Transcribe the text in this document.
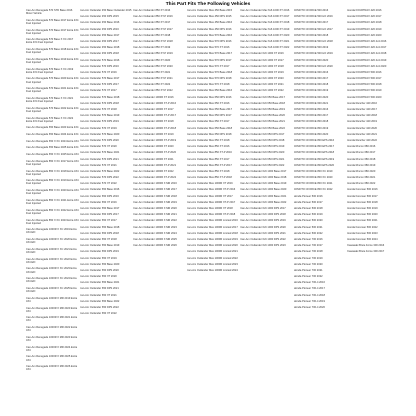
This Part Fits The Following Vehicles
Can-Am Renegade 570 STD Base 2016 Motor Vehicle
Can-Am Renegade 570 Base 2017 Extra 4X4 Fuel Injected
Can-Am Renegade 570 Base 2017 Extra 4X4 Fuel Injected
Can-Am Renegade 570 Base X XC 2017 Extra 4X4 Fuel Injected
Can-Am Renegade 570 Base 2018 Extra 4X4 Fuel Injected
Can-Am Renegade 570 Base 2019 Extra 4X4 Fuel Injected
Can-Am Renegade 570 Base X XC 2019 Extra 4X4 Fuel Injected
Can-Am Renegade 570 Base 2020 Extra 4X4 Fuel Injected
Can-Am Renegade 570 Base 2021 Extra 4X4 Fuel Injected
Can-Am Renegade 570 Base X XC 2021 Extra 4X4 Fuel Injected
Can-Am Renegade 570 Base 2022 Extra 4X4 Fuel Injected
Can-Am Renegade 570 Base X XC 2022 Extra 4X4 Fuel Injected
Can-Am Renegade 650 Base 2023 Extra 4X4
Can-Am Renegade 650 Base 2024 Extra 4X4
Can-Am Renegade 650 X XC 2024 Extra 4X4
Can-Am Renegade 650 Base 2025 Extra 4X4
Can-Am Renegade 650 X XC 2025 Extra 4X4
Can-Am Renegade 850 X XC 2017 Extra 4X4 Fuel Injected
Can-Am Renegade 850 X XC 2018 Extra 4X4 Fuel Injected
Can-Am Renegade 850 X XC 2019 Extra 4X4 Fuel Injected
Can-Am Renegade 850 X XC 2020 Extra 4X4 Fuel Injected
Can-Am Renegade 850 X XC 2021 Extra 4X4 Fuel Injected
Can-Am Renegade 850 X XC 2022 Extra 4X4 Fuel Injected
Can-Am Renegade 850 X XC 2023 Extra 4X4 Fuel Injected
Can-Am Renegade 1000R X XC 2019 Extra 4X4 EFI
Can-Am Renegade 1000R X XC 2020 Extra 4X4 EFI
Can-Am Renegade 1000R X XC 2021 Extra 4X4 EFI
Can-Am Renegade 1000R X XC 2022 Extra 4X4 EFI
Can-Am Renegade 1000R X XC 2023 Extra 4X4 EFI
Can-Am Renegade 1000R X XC 2024 Extra 4X4 EFI
Can-Am Renegade 1000R X XC 2025 Extra 4X4 EFI
Can-Am Renegade 1000R X MR 2019 Extra 4X4
Can-Am Renegade 1000R X MR 2020 Extra 4X4
Can-Am Renegade 1000R X MR 2021 Extra 4X4
Can-Am Renegade 1000R X MR 2022 Extra 4X4
Can-Am Renegade 1000R X MR 2023 Extra 4X4
Can-Am Renegade 1000R X MR 2024 Extra 4X4
Can-Am Renegade 1000R X MR 2025 Extra 4X4
Can-Am Renegade 1000R X MR 2026 Extra 4X4
Can-Am Outlander 450 Base Outlander 2015
Can-Am Outlander 450 DPS 2015
Can-Am Outlander 450 Base 2016
Can-Am Outlander 450 DPS 2016
Can-Am Outlander 450 Base 2017
Can-Am Outlander 450 DPS 2017
Can-Am Outlander 450 Base 2018
Can-Am Outlander 450 DPS 2018
Can-Am Outlander 570 Base 2016
Can-Am Outlander 570 DPS 2016
Can-Am Outlander 570 XT 2016
Can-Am Outlander 570 Base 2017
Can-Am Outlander 570 DPS 2017
Can-Am Outlander 570 XT 2017
Can-Am Outlander 570 Base 2018
Can-Am Outlander 570 DPS 2018
Can-Am Outlander 570 XT 2018
Can-Am Outlander 570 Base 2019
Can-Am Outlander 570 DPS 2019
Can-Am Outlander 570 XT 2019
Can-Am Outlander 570 Base 2020
Can-Am Outlander 570 DPS 2020
Can-Am Outlander 570 XT 2020
Can-Am Outlander 570 Base 2021
Can-Am Outlander 570 DPS 2021
Can-Am Outlander 570 XT 2021
Can-Am Outlander 570 Base 2022
Can-Am Outlander 570 DPS 2022
Can-Am Outlander 570 XT 2022
Can-Am Outlander 650 Base 2016
Can-Am Outlander 650 DPS 2016
Can-Am Outlander 650 XT 2016
Can-Am Outlander 650 Base 2017
Can-Am Outlander 650 DPS 2017
Can-Am Outlander 650 XT 2017
Can-Am Outlander 650 Base 2018
Can-Am Outlander 650 DPS 2018
Can-Am Outlander 650 XT 2018
Can-Am Outlander 650 Base 2019
Can-Am Outlander 650 DPS 2019
Can-Am Outlander 650 XT 2019
Can-Am Outlander 650 Base 2020
Can-Am Outlander 650 DPS 2020
Can-Am Outlander 650 XT 2020
Can-Am Outlander 650 Base 2021
Can-Am Outlander 650 DPS 2021
Can-Am Outlander 650 XT 2021
Can-Am Outlander 650 Base 2022
Can-Am Outlander 650 DPS 2022
Can-Am Outlander 650 XT 2022
Can-Am Outlander 850 XT 2016
Can-Am Outlander 850 XT-P 2016
Can-Am Outlander 850 XT 2017
Can-Am Outlander 850 XT-P 2017
Can-Am Outlander 850 XT 2018
Can-Am Outlander 850 XT-P 2018
Can-Am Outlander 850 XT 2019
Can-Am Outlander 850 XT-P 2019
Can-Am Outlander 850 XT 2020
Can-Am Outlander 850 XT-P 2020
Can-Am Outlander 850 XT 2021
Can-Am Outlander 850 XT-P 2021
Can-Am Outlander 850 XT 2022
Can-Am Outlander 850 XT-P 2022
Can-Am Outlander 1000R XT 2016
Can-Am Outlander 1000R XT-P 2016
Can-Am Outlander 1000R XT 2017
Can-Am Outlander 1000R XT-P 2017
Can-Am Outlander 1000R XT 2018
Can-Am Outlander 1000R XT-P 2018
Can-Am Outlander 1000R XT 2019
Can-Am Outlander 1000R XT-P 2019
Can-Am Outlander 1000R XT 2020
Can-Am Outlander 1000R XT-P 2020
Can-Am Outlander 1000R XT 2021
Can-Am Outlander 1000R XT-P 2021
Can-Am Outlander 1000R XT 2022
Can-Am Outlander 1000R XT-P 2022
Can-Am Outlander 1000R X MR 2016
Can-Am Outlander 1000R X MR 2017
Can-Am Outlander 1000R X MR 2018
Can-Am Outlander 1000R X MR 2019
Can-Am Outlander 1000R X MR 2020
Can-Am Outlander 1000R X MR 2021
Can-Am Outlander 1000R X MR 2022
Can-Am Outlander 1000R X MR 2023
Can-Am Outlander 1000R X MR 2024
Can-Am Outlander 1000R X MR 2025
Can-Am Outlander 1000R X MR 2026
Can-Am Outlander Max 450 Base 2015
Can-Am Outlander Max 450 DPS 2015
Can-Am Outlander Max 450 Base 2016
Can-Am Outlander Max 450 DPS 2016
Can-Am Outlander Max 570 Base 2016
Can-Am Outlander Max 570 DPS 2016
Can-Am Outlander Max 570 XT 2016
Can-Am Outlander Max 570 Base 2017
Can-Am Outlander Max 570 DPS 2017
Can-Am Outlander Max 570 XT 2017
Can-Am Outlander Max 570 Base 2018
Can-Am Outlander Max 570 DPS 2018
Can-Am Outlander Max 570 XT 2018
Can-Am Outlander Max 650 Base 2016
Can-Am Outlander Max 650 DPS 2016
Can-Am Outlander Max 650 XT 2016
Can-Am Outlander Max 650 Base 2017
Can-Am Outlander Max 650 DPS 2017
Can-Am Outlander Max 650 XT 2017
Can-Am Outlander Max 650 Base 2018
Can-Am Outlander Max 650 DPS 2018
Can-Am Outlander Max 650 XT 2018
Can-Am Outlander Max 850 XT 2016
Can-Am Outlander Max 850 XT-P 2016
Can-Am Outlander Max 850 XT 2017
Can-Am Outlander Max 850 XT-P 2017
Can-Am Outlander Max 850 XT 2018
Can-Am Outlander Max 850 XT-P 2018
Can-Am Outlander Max 1000R XT 2016
Can-Am Outlander Max 1000R XT-P 2016
Can-Am Outlander Max 1000R XT 2017
Can-Am Outlander Max 1000R XT-P 2017
Can-Am Outlander Max 1000R XT 2018
Can-Am Outlander Max 1000R XT-P 2018
Can-Am Outlander Max 1000R Limited 2016
Can-Am Outlander Max 1000R Limited 2017
Can-Am Outlander Max 1000R Limited 2018
Can-Am Outlander Max 1000R Limited 2019
Can-Am Outlander Max 1000R Limited 2020
Can-Am Outlander Max 1000R Limited 2021
Can-Am Outlander Max 1000R Limited 2022
Can-Am Outlander Max 1000R Limited 2023
Can-Am Outlander Max 1000R Limited 2024
Can-Am Outlander Max 6x6 1000 XT 2016
Can-Am Outlander Max 6x6 1000 XT 2017
Can-Am Outlander Max 6x6 1000 XT 2018
Can-Am Outlander Max 6x6 1000 XT 2019
Can-Am Outlander Max 6x6 1000 XT 2020
Can-Am Outlander Max 6x6 1000 XT 2021
Can-Am Outlander Max 6x6 1000 XT 2022
Can-Am Outlander 6x6 1000 XT 2016
Can-Am Outlander 6x6 1000 XT 2017
Can-Am Outlander 6x6 1000 XT 2018
Can-Am Outlander 6x6 1000 XT 2019
Can-Am Outlander 6x6 1000 XT 2020
Can-Am Outlander 6x6 1000 XT 2021
Can-Am Outlander 6x6 1000 XT 2022
Can-Am Outlander 6x6 650 Base 2017
Can-Am Outlander 6x6 650 Base 2018
Can-Am Outlander 6x6 650 Base 2019
Can-Am Outlander 6x6 650 Base 2020
Can-Am Outlander 6x6 650 Base 2021
Can-Am Outlander 6x6 650 Base 2022
Can-Am Outlander 6x6 650 DPS 2017
Can-Am Outlander 6x6 650 DPS 2018
Can-Am Outlander 6x6 650 DPS 2019
Can-Am Outlander 6x6 650 DPS 2020
Can-Am Outlander 6x6 650 DPS 2021
Can-Am Outlander 6x6 650 DPS 2022
Can-Am Outlander 6x6 1000 Base 2017
Can-Am Outlander 6x6 1000 Base 2018
Can-Am Outlander 6x6 1000 Base 2019
Can-Am Outlander 6x6 1000 Base 2020
Can-Am Outlander 6x6 1000 Base 2021
Can-Am Outlander 6x6 1000 Base 2022
Can-Am Outlander 6x6 1000 DPS 2017
Can-Am Outlander 6x6 1000 DPS 2018
Can-Am Outlander 6x6 1000 DPS 2019
Can-Am Outlander 6x6 1000 DPS 2020
Can-Am Outlander 6x6 1000 DPS 2021
Can-Am Outlander 6x6 1000 DPS 2022
Can-Am Outlander 6x6 1000 DPS 2023
CFMOTO CFORCE 500 2016
CFMOTO CFORCE 500 HO 2016
CFMOTO CFORCE 500 2017
CFMOTO CFORCE 500 HO 2017
CFMOTO CFORCE 500 2018
CFMOTO CFORCE 500 HO 2018
CFMOTO CFORCE 500 2019
CFMOTO CFORCE 500 HO 2019
CFMOTO CFORCE 500 2020
CFMOTO CFORCE 500 HO 2020
CFMOTO CFORCE 600 2016
CFMOTO CFORCE 600 2017
CFMOTO CFORCE 600 2018
CFMOTO CFORCE 600 2019
CFMOTO CFORCE 600 2020
CFMOTO CFORCE 600 2021
CFMOTO CFORCE 800 2016
CFMOTO CFORCE 800 2017
CFMOTO CFORCE 800 2018
CFMOTO CFORCE 800 2019
CFMOTO CFORCE 800 2020
CFMOTO CFORCE 800 EPS 2016
CFMOTO CFORCE 800 EPS 2017
CFMOTO CFORCE 800 EPS 2018
CFMOTO CFORCE 800 EPS 2019
CFMOTO CFORCE 800 EPS 2020
CFMOTO CFORCE 800 XC 2019
CFMOTO CFORCE 800 XC 2020
CFMOTO CFORCE 800 XC 2021
CFMOTO CFORCE 800 XC 2022
Honda Pioneer 500 2016
Honda Pioneer 500 2017
Honda Pioneer 500 2018
Honda Pioneer 500 2019
Honda Pioneer 500 2020
Honda Pioneer 500 2021
Honda Pioneer 500 2022
Honda Pioneer 700 2016
Honda Pioneer 700 2017
Honda Pioneer 700 2018
Honda Pioneer 700 2019
Honda Pioneer 700 2020
Honda Pioneer 700 2021
Honda Pioneer 700 2022
Honda Pioneer 700-4 2016
Honda Pioneer 700-4 2017
Honda Pioneer 700-4 2018
Honda Pioneer 700-4 2019
Honda Pioneer 700-4 2020
Honda FOURTRAX 420 2016
Honda FOURTRAX 420 2017
Honda FOURTRAX 420 2018
Honda FOURTRAX 420 2019
Honda FOURTRAX 420 2020
Honda FOURTRAX 420 4x4 2016
Honda FOURTRAX 420 4x4 2017
Honda FOURTRAX 420 4x4 2018
Honda FOURTRAX 420 4x4 2019
Honda FOURTRAX 420 4x4 2020
Honda FOURTRAX 500 2016
Honda FOURTRAX 500 2017
Honda FOURTRAX 500 2018
Honda FOURTRAX 500 2019
Honda FOURTRAX 500 2020
Honda Rancher 420 2016
Honda Rancher 420 2017
Honda Rancher 420 2018
Honda Rancher 420 2019
Honda Rancher 420 2020
Honda Rancher 420 2021
Honda Rancher 420 2022
Honda Rincon 680 2016
Honda Rincon 680 2017
Honda Rincon 680 2018
Honda Rincon 680 2019
Honda Rincon 680 2020
Honda Rincon 680 2021
Honda Rincon 680 2022
Honda Foreman 500 2016
Honda Foreman 500 2017
Honda Foreman 500 2018
Honda Foreman 500 2019
Honda Foreman 500 2020
Honda Foreman 500 2021
Honda Foreman 500 2022
Honda Foreman 500 2023
Honda Foreman 500 2024
Kawasaki Brute Force 300 2016
Kawasaki Brute Force 300 2017
